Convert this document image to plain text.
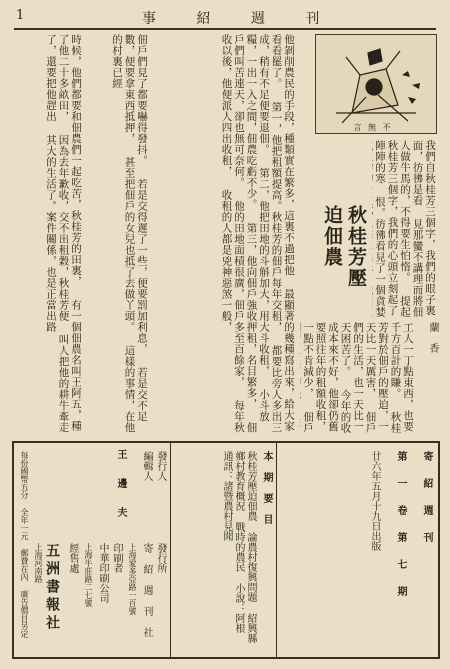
1	事 紹 週 刊
言 無 不
秋桂芳壓迫佃農
蘭 香
我們自秋桂芳三個字，我們的眼子裏面，彷彿是看 見那蠻不講理而將佃人做牛馬的，不得要生怕惰。 提起秋桂芳三個字，我們的心頭立刻起了陣陣的寒 恨。彷彿看見了一個貪婪
工人一丁點東西，也要千方百計的賺。 秋桂芳對於佃戶的壓迫，一天比一天厲害， 佃戶們的生活，也一天比一天困苦了。 今年的收成本來不好，他卻仍舊 要照往年的租額收租，一點不肯減少， 佃戶
他剝削農民的手段，種類實在繁多，這裏不過把他 最顯著的幾種寫出來，給大家看看罷了。 第一，他把租額提高。秋桂芳的佃戶每年交租， 都要比旁人多出三成，稍有不足便要退佃。 第二，他把田地的斗斛加大，用大斗收租， 小斗放糧，一出一入之間，佃農吃虧不少。 第三，他向佃戶強收押租，名目繁多， 佃戶們叫苦連天，卻也無可奈何。 他的田地面積很廣，佃戶多至百餘家， 每年秋收以後，他便派人四出收租， 收租的人都是兇神惡煞一般，
佃戶們見了都要嚇得發抖。 若是交得遲了一些，便要罰加利息， 若是交不足數，便要拿東西抵押， 甚至把佃戶的女兒也抵了去做丫頭。 這樣的事情，在他的村裏已經
時候，他們都要和佃農們一起吃苦，秋桂芳的田裏， 有一個佃農名叫王阿五，種了他二十多畝田， 因為去年歉收，交不出租穀，秋桂芳便 叫人把他的耕牛牽走了，還要把他趕出 其大的生活了。案件關係，也是正當出路
寄 紹 週 刊
第 一 卷 第 七 期
廿六年五月十九日出版
本 期 要 目
秋桂芳壓迫佃農 論農村復興問題 紹興縣鄉村教育概況 戰時的農民 小說：阿根 通訊：諸暨農村見聞
發行人
編輯人
王 邊 夫
發行所
寄 紹 週 刊 社
上海愛多亞路一百號
印刷者
中華印刷公司
上海牛莊路二七號
經售處
五洲書報社
上海河南路
每份國幣五分 全年一元 郵費在內 廣告價目另定
